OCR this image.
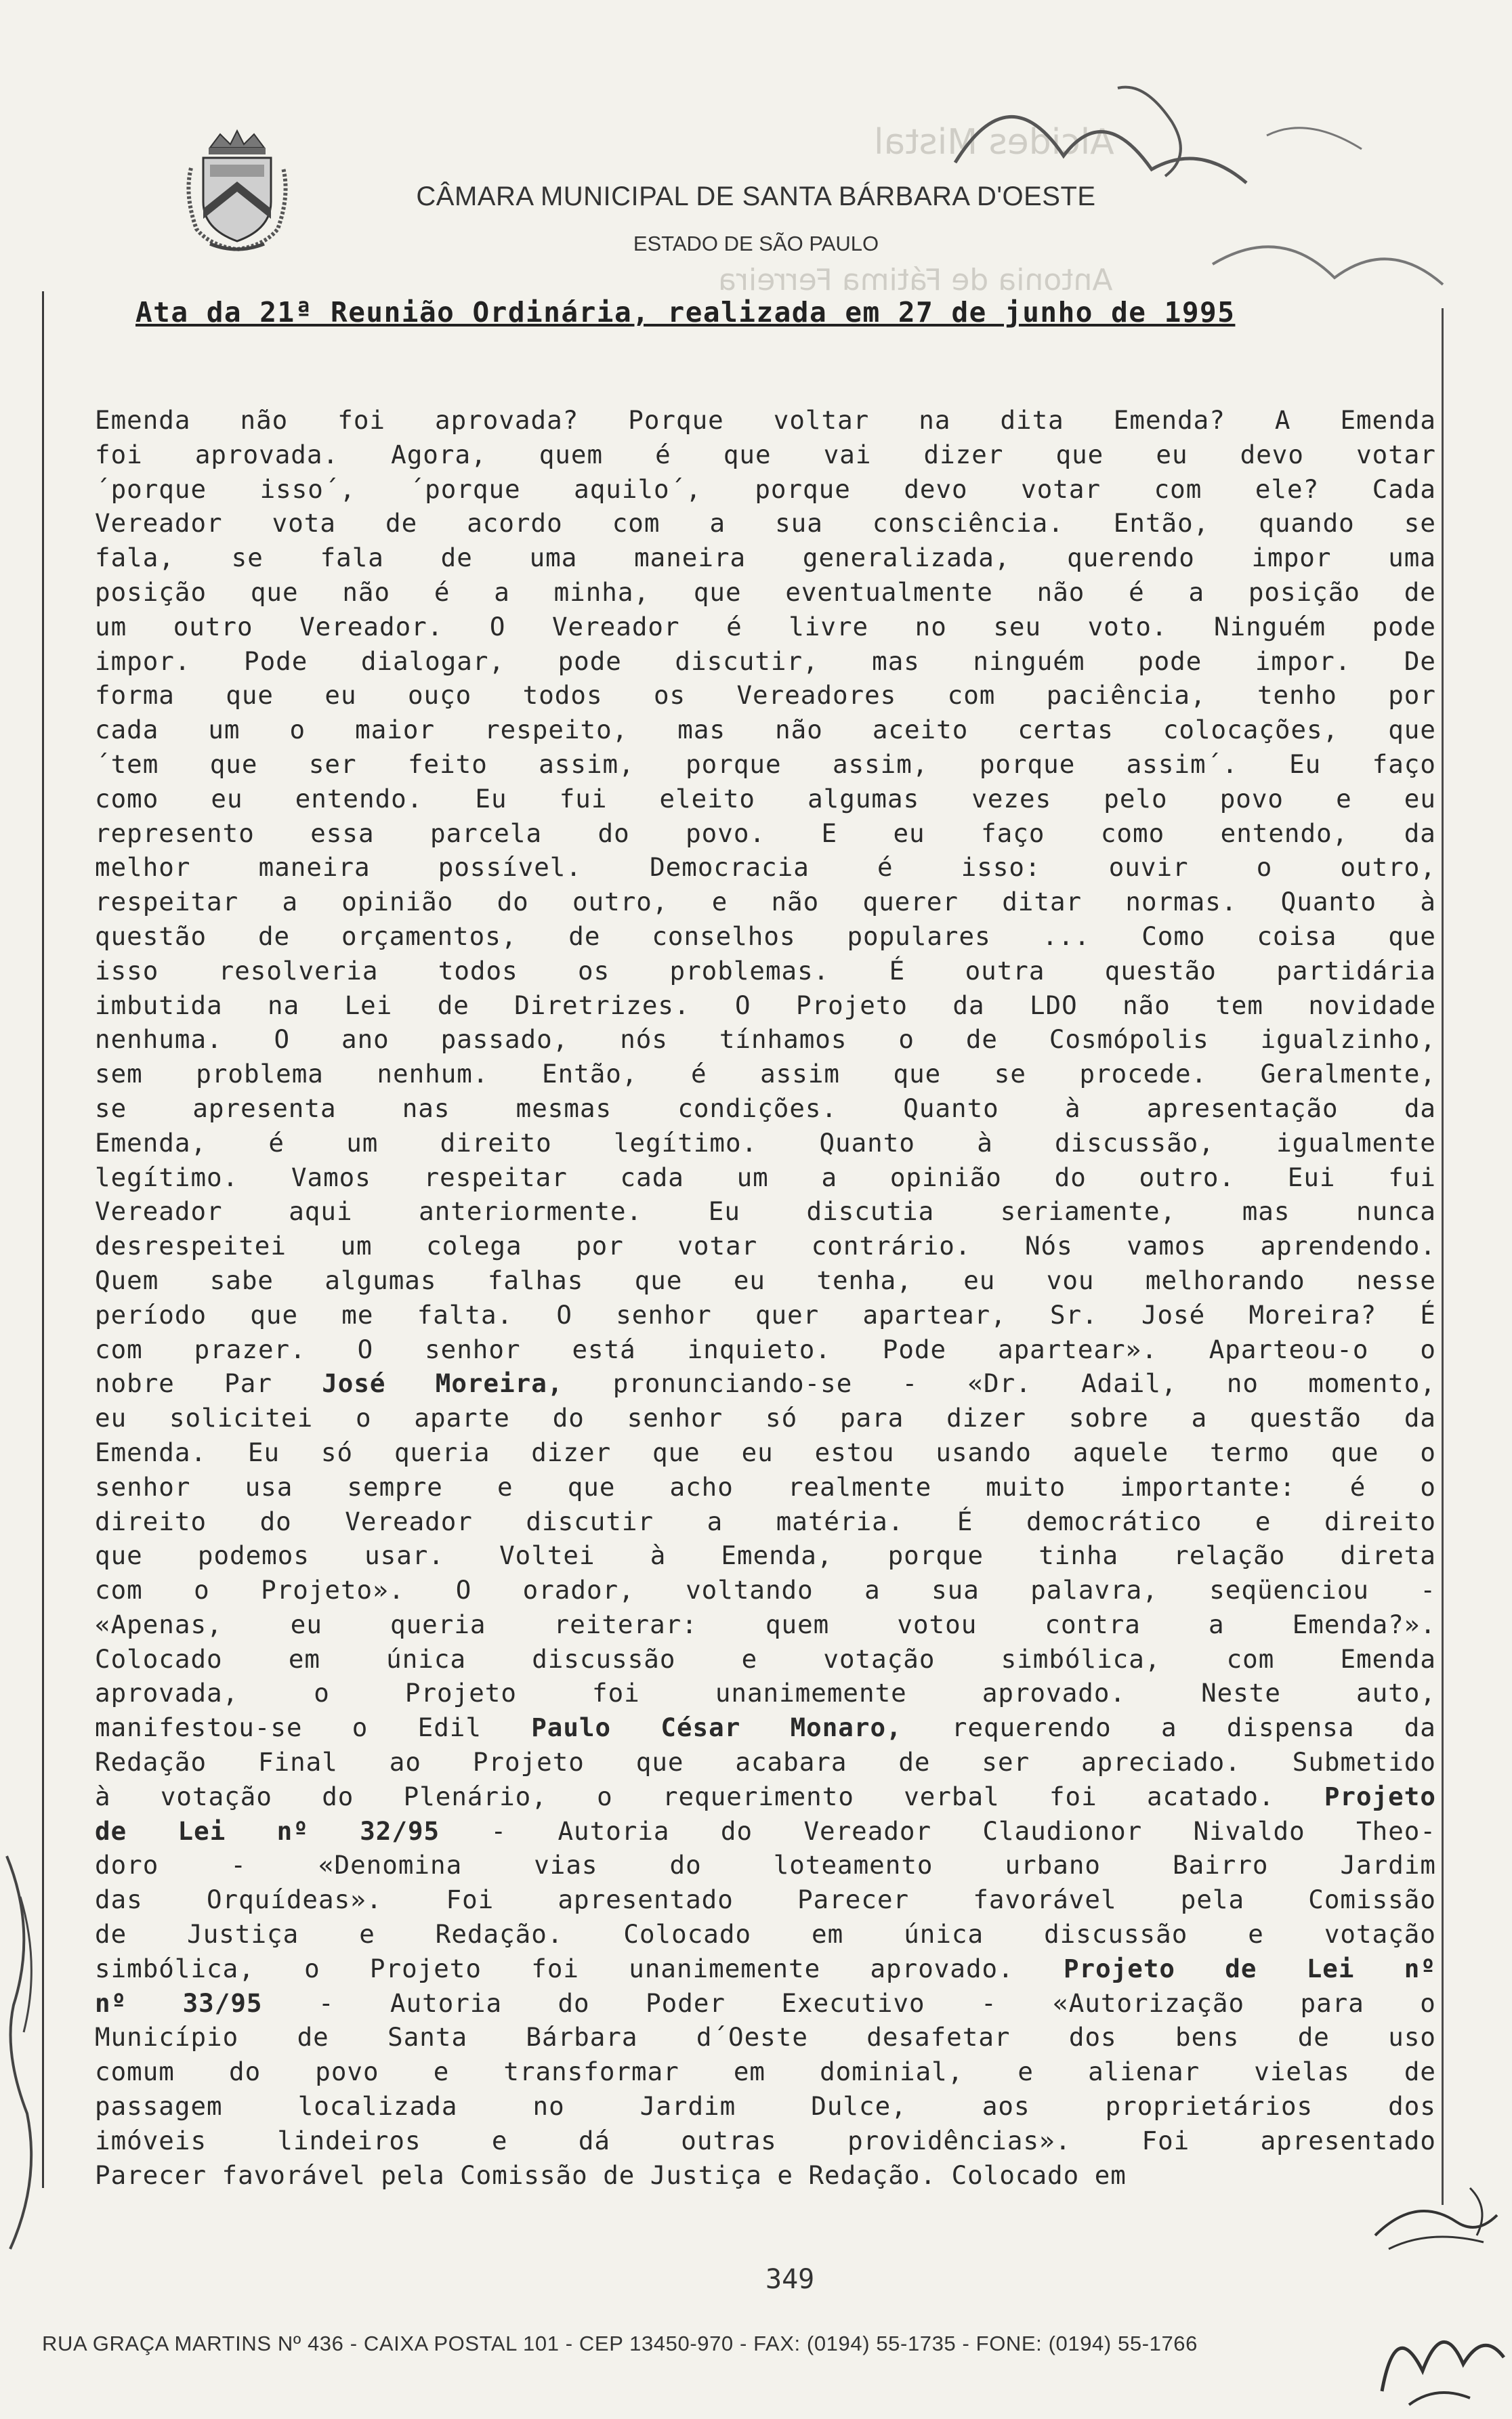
Alcides Mistal
Antonia de Fátima Ferreira
CÂMARA MUNICIPAL DE SANTA BÁRBARA D'OESTE
ESTADO DE SÃO PAULO
Ata da 21ª Reunião Ordinária, realizada em 27 de junho de 1995
Emenda não foi aprovada? Porque voltar na dita Emenda? A Emenda
foi aprovada. Agora, quem é que vai dizer que eu devo votar
´porque isso´, ´porque aquilo´, porque devo votar com ele? Cada
Vereador vota de acordo com a sua consciência. Então, quando se
fala, se fala de uma maneira generalizada, querendo impor uma
posição que não é a minha, que eventualmente não é a posição de
um outro Vereador. O Vereador é livre no seu voto. Ninguém pode
impor. Pode dialogar, pode discutir, mas ninguém pode impor. De
forma que eu ouço todos os Vereadores com paciência, tenho por
cada um o maior respeito, mas não aceito certas colocações, que
´tem que ser feito assim, porque assim, porque assim´. Eu faço
como eu entendo. Eu fui eleito algumas vezes pelo povo e eu
represento essa parcela do povo. E eu faço como entendo, da
melhor	maneira	possível.	Democracia	é	isso:	ouvir	o	outro,
respeitar a opinião do outro, e não querer ditar normas. Quanto à
questão de orçamentos, de conselhos populares ... Como coisa que
isso resolveria todos os problemas. É outra questão partidária
imbutida na Lei de Diretrizes. O Projeto da LDO não tem novidade
nenhuma. O ano passado, nós tínhamos o de Cosmópolis igualzinho,
sem problema nenhum. Então, é assim que se procede. Geralmente,
se	apresenta	nas	mesmas	condições.	Quanto	à	apresentação	da
Emenda, é um direito legítimo. Quanto à discussão, igualmente
legítimo. Vamos respeitar cada um a opinião do outro. Eui fui
Vereador	aqui	anteriormente.	Eu	discutia	seriamente,	mas	nunca
desrespeitei um colega por votar contrário. Nós vamos aprendendo.
Quem sabe algumas falhas que eu tenha, eu vou melhorando nesse
período que me falta. O senhor quer apartear, Sr. José Moreira? É
com prazer. O senhor está inquieto. Pode apartear». Aparteou-o o
nobre Par José Moreira, pronunciando-se - «Dr. Adail, no momento,
eu solicitei o aparte do senhor só para dizer sobre a questão da
Emenda. Eu só queria dizer que eu estou usando aquele termo que o
senhor usa sempre e que acho realmente muito importante: é o
direito do Vereador discutir a matéria. É democrático e direito
que podemos usar. Voltei à Emenda, porque tinha relação direta
com o Projeto». O orador, voltando a sua palavra, seqüenciou -
«Apenas,	eu	queria	reiterar:	quem	votou	contra	a	Emenda?».
Colocado	em	única	discussão	e	votação	simbólica,	com	Emenda
aprovada,	o	Projeto	foi	unanimemente	aprovado.	Neste	auto,
manifestou-se o Edil Paulo César Monaro, requerendo a dispensa da
Redação Final ao Projeto que acabara de ser apreciado. Submetido
à votação do Plenário, o requerimento verbal foi acatado. Projeto
de Lei nº 32/95 - Autoria do Vereador Claudionor Nivaldo Theo-
doro	-	«Denomina	vias	do	loteamento	urbano	Bairro	Jardim
das	Orquídeas».	Foi	apresentado	Parecer	favorável	pela	Comissão
de Justiça e Redação. Colocado em única discussão e votação
simbólica, o Projeto foi unanimemente aprovado. Projeto de Lei nº
nº 33/95 - Autoria do Poder Executivo - «Autorização para o
Município de Santa Bárbara d´Oeste desafetar dos bens de uso
comum do povo e transformar em dominial, e alienar vielas de
passagem	localizada	no	Jardim	Dulce,	aos	proprietários	dos
imóveis	lindeiros	e	dá	outras	providências».	Foi	apresentado
Parecer favorável pela Comissão de Justiça e Redação. Colocado em
349
RUA GRAÇA MARTINS Nº 436 - CAIXA POSTAL 101 - CEP 13450-970 - FAX: (0194) 55-1735 - FONE: (0194) 55-1766
